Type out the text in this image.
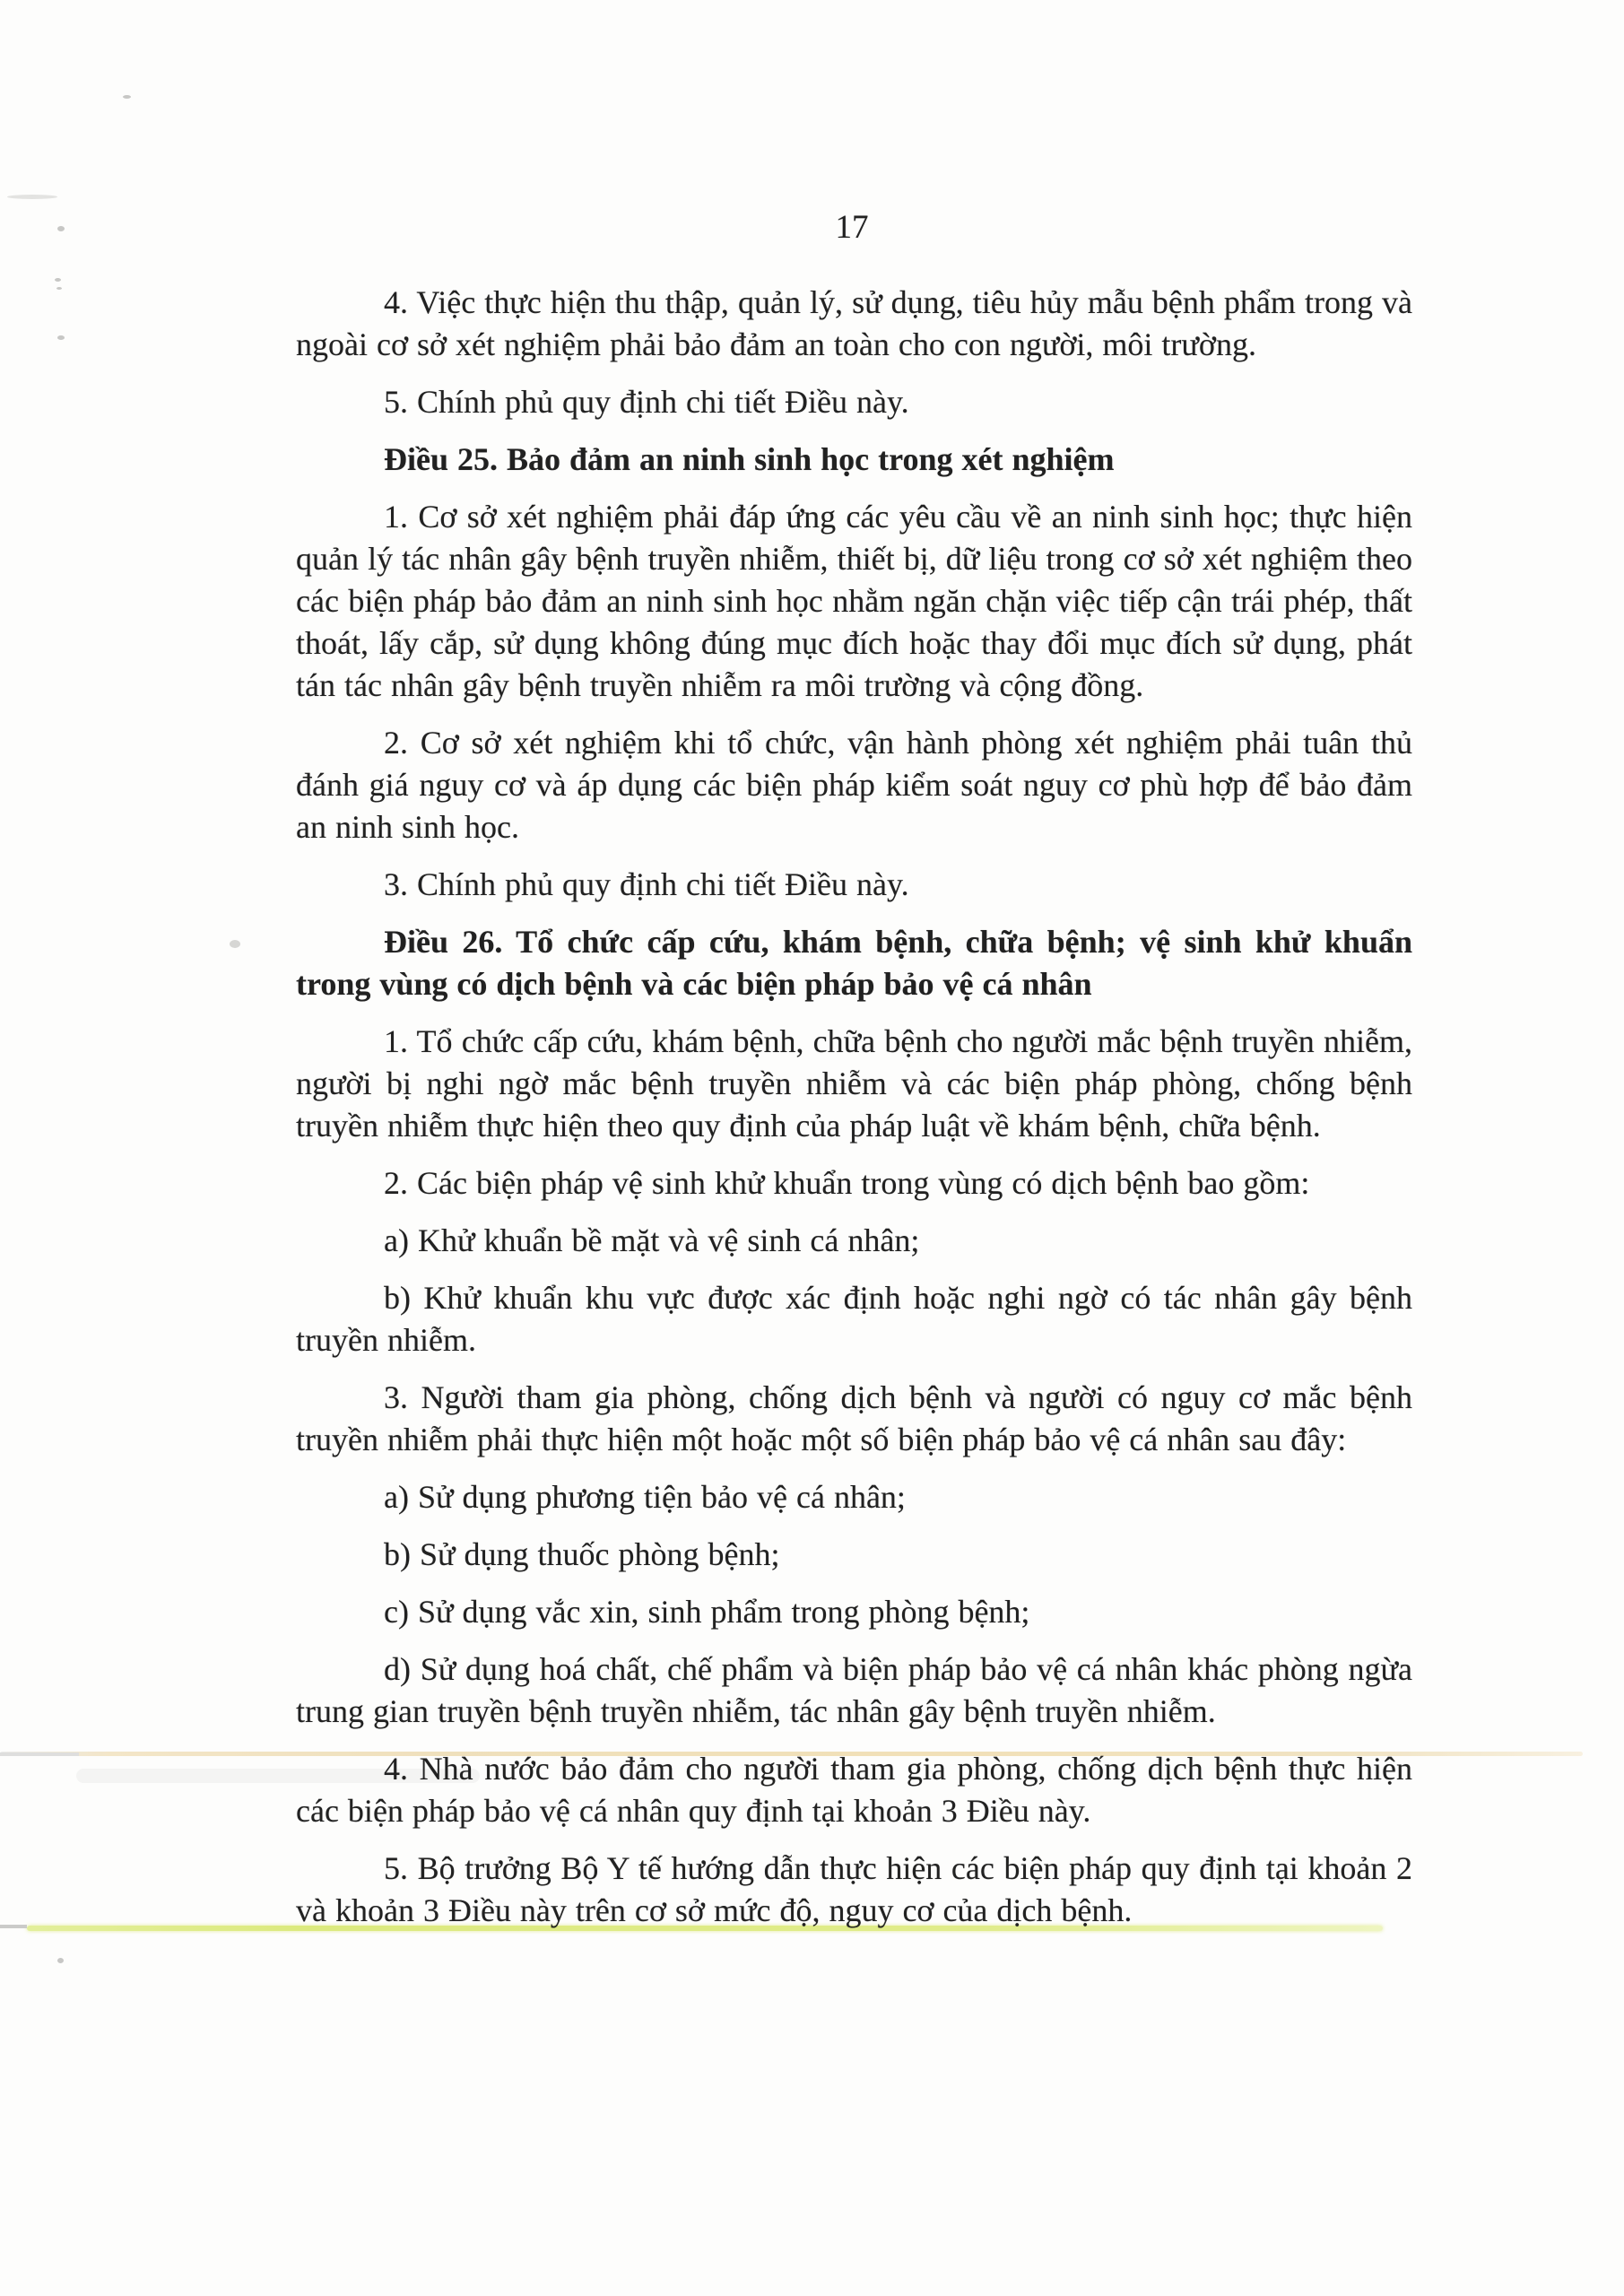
17
4. Việc thực hiện thu thập, quản lý, sử dụng, tiêu hủy mẫu bệnh phẩm trong và ngoài cơ sở xét nghiệm phải bảo đảm an toàn cho con người, môi trường.
5. Chính phủ quy định chi tiết Điều này.
Điều 25. Bảo đảm an ninh sinh học trong xét nghiệm
1. Cơ sở xét nghiệm phải đáp ứng các yêu cầu về an ninh sinh học; thực hiện quản lý tác nhân gây bệnh truyền nhiễm, thiết bị, dữ liệu trong cơ sở xét nghiệm theo các biện pháp bảo đảm an ninh sinh học nhằm ngăn chặn việc tiếp cận trái phép, thất thoát, lấy cắp, sử dụng không đúng mục đích hoặc thay đổi mục đích sử dụng, phát tán tác nhân gây bệnh truyền nhiễm ra môi trường và cộng đồng.
2. Cơ sở xét nghiệm khi tổ chức, vận hành phòng xét nghiệm phải tuân thủ đánh giá nguy cơ và áp dụng các biện pháp kiểm soát nguy cơ phù hợp để bảo đảm an ninh sinh học.
3. Chính phủ quy định chi tiết Điều này.
Điều 26. Tổ chức cấp cứu, khám bệnh, chữa bệnh; vệ sinh khử khuẩn trong vùng có dịch bệnh và các biện pháp bảo vệ cá nhân
1. Tổ chức cấp cứu, khám bệnh, chữa bệnh cho người mắc bệnh truyền nhiễm, người bị nghi ngờ mắc bệnh truyền nhiễm và các biện pháp phòng, chống bệnh truyền nhiễm thực hiện theo quy định của pháp luật về khám bệnh, chữa bệnh.
2. Các biện pháp vệ sinh khử khuẩn trong vùng có dịch bệnh bao gồm:
a) Khử khuẩn bề mặt và vệ sinh cá nhân;
b) Khử khuẩn khu vực được xác định hoặc nghi ngờ có tác nhân gây bệnh truyền nhiễm.
3. Người tham gia phòng, chống dịch bệnh và người có nguy cơ mắc bệnh truyền nhiễm phải thực hiện một hoặc một số biện pháp bảo vệ cá nhân sau đây:
a) Sử dụng phương tiện bảo vệ cá nhân;
b) Sử dụng thuốc phòng bệnh;
c) Sử dụng vắc xin, sinh phẩm trong phòng bệnh;
d) Sử dụng hoá chất, chế phẩm và biện pháp bảo vệ cá nhân khác phòng ngừa trung gian truyền bệnh truyền nhiễm, tác nhân gây bệnh truyền nhiễm.
4. Nhà nước bảo đảm cho người tham gia phòng, chống dịch bệnh thực hiện các biện pháp bảo vệ cá nhân quy định tại khoản 3 Điều này.
5. Bộ trưởng Bộ Y tế hướng dẫn thực hiện các biện pháp quy định tại khoản 2 và khoản 3 Điều này trên cơ sở mức độ, nguy cơ của dịch bệnh.
